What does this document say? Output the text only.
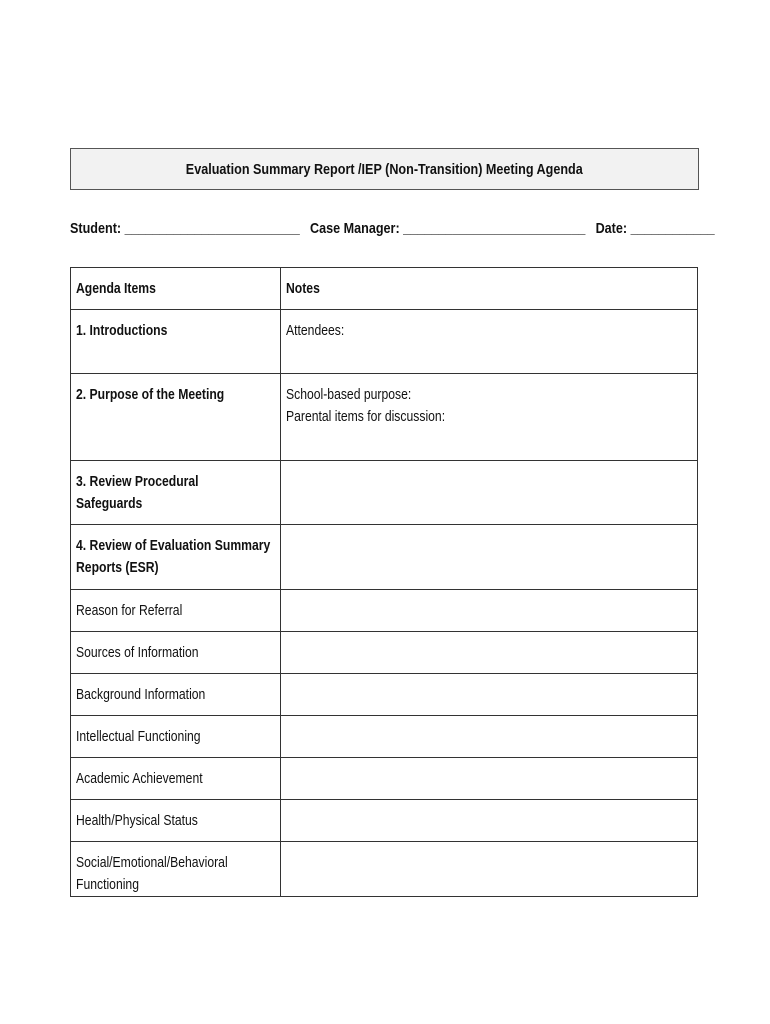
Evaluation Summary Report /IEP (Non-Transition) Meeting Agenda
Student: _________________________ Case Manager: __________________________ Date: ____________
Agenda Items	Notes
1. Introductions	Attendees:
2. Purpose of the Meeting	School-based purpose:
Parental items for discussion:
3. Review Procedural Safeguards	
4. Review of Evaluation Summary Reports (ESR)	
Reason for Referral	
Sources of Information	
Background Information	
Intellectual Functioning	
Academic Achievement	
Health/Physical Status	
Social/Emotional/Behavioral Functioning	
